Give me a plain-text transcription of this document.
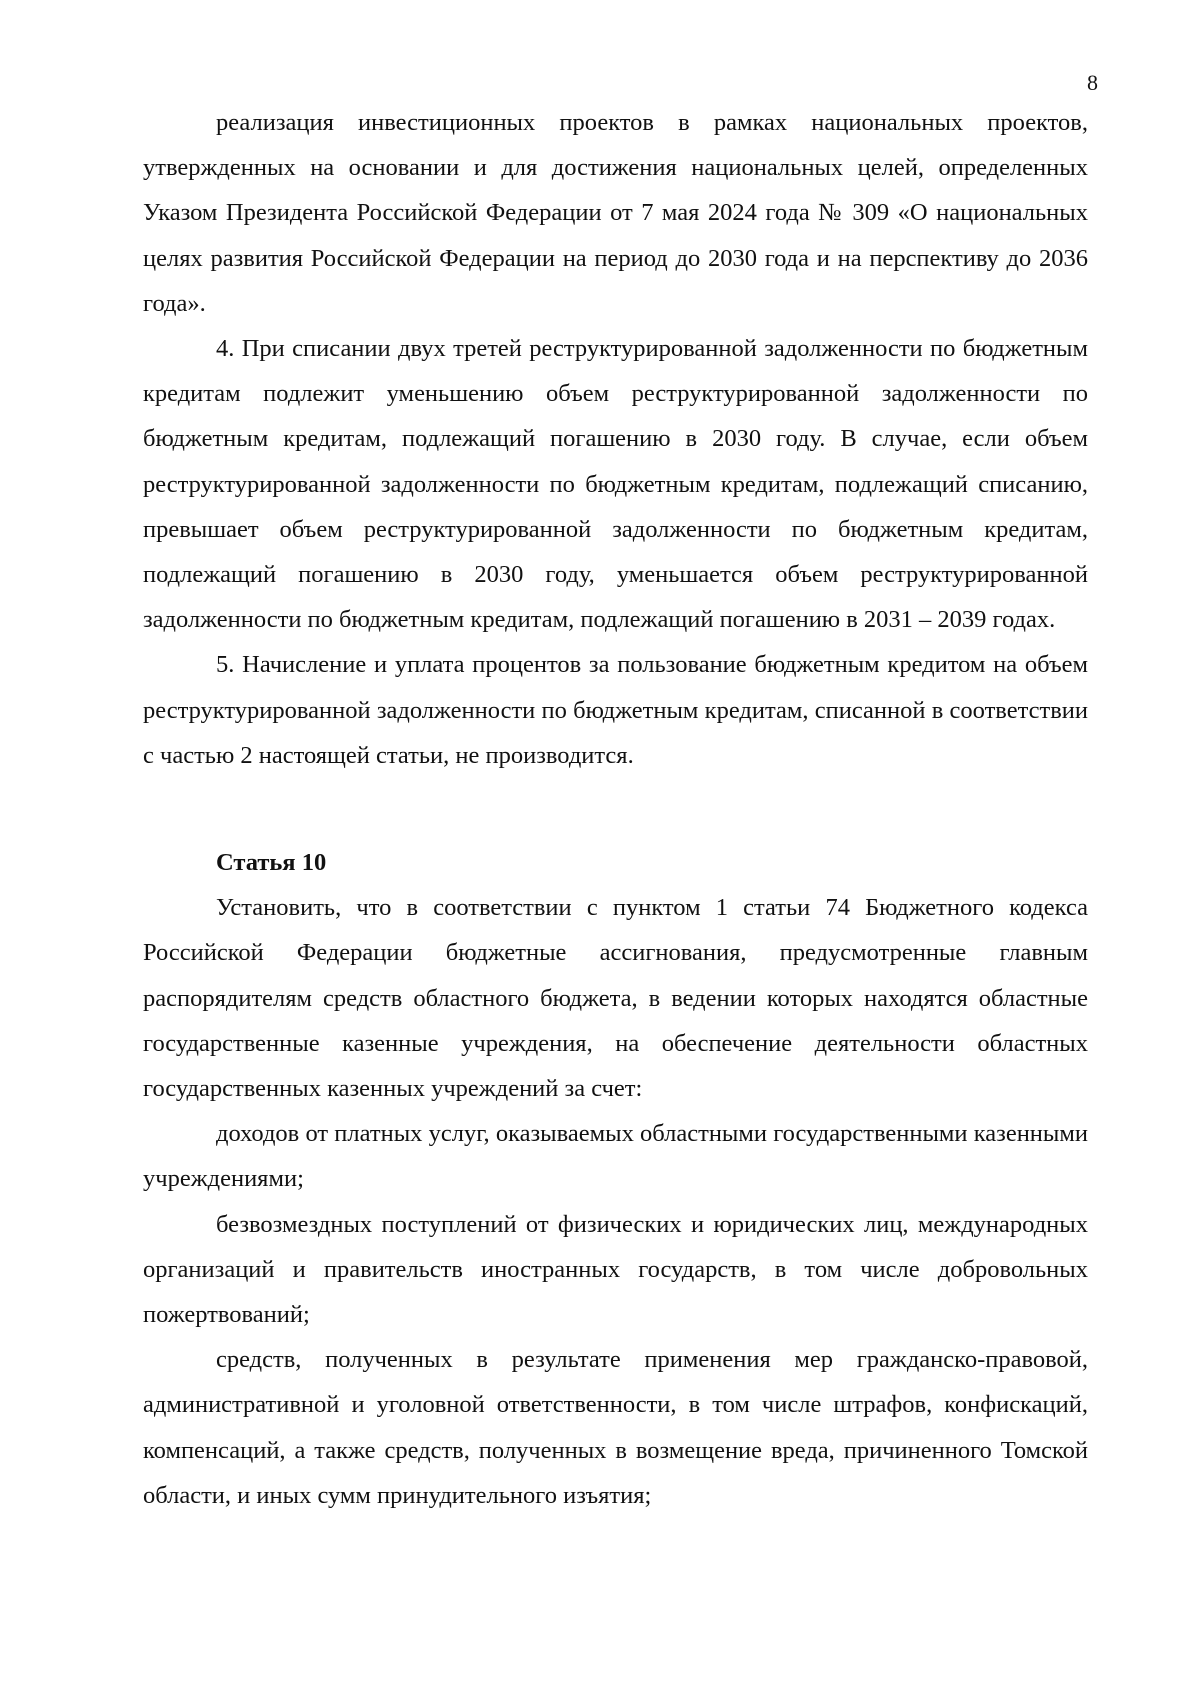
8

реализация инвестиционных проектов в рамках национальных проектов, утвержденных на основании и для достижения национальных целей, определенных Указом Президента Российской Федерации от 7 мая 2024 года № 309 «О национальных целях развития Российской Федерации на период до 2030 года и на перспективу до 2036 года».

4. При списании двух третей реструктурированной задолженности по бюджетным кредитам подлежит уменьшению объем реструктурированной задолженности по бюджетным кредитам, подлежащий погашению в 2030 году. В случае, если объем реструктурированной задолженности по бюджетным кредитам, подлежащий списанию, превышает объем реструктурированной задолженности по бюджетным кредитам, подлежащий погашению в 2030 году, уменьшается объем реструктурированной задолженности по бюджетным кредитам, подлежащий погашению в 2031 – 2039 годах.

5. Начисление и уплата процентов за пользование бюджетным кредитом на объем реструктурированной задолженности по бюджетным кредитам, списанной в соответствии с частью 2 настоящей статьи, не производится.

Статья 10

Установить, что в соответствии с пунктом 1 статьи 74 Бюджетного кодекса Российской Федерации бюджетные ассигнования, предусмотренные главным распорядителям средств областного бюджета, в ведении которых находятся областные государственные казенные учреждения, на обеспечение деятельности областных государственных казенных учреждений за счет:

доходов от платных услуг, оказываемых областными государственными казенными учреждениями;

безвозмездных поступлений от физических и юридических лиц, международных организаций и правительств иностранных государств, в том числе добровольных пожертвований;

средств, полученных в результате применения мер гражданско-правовой, административной и уголовной ответственности, в том числе штрафов, конфискаций, компенсаций, а также средств, полученных в возмещение вреда, причиненного Томской области, и иных сумм принудительного изъятия;
